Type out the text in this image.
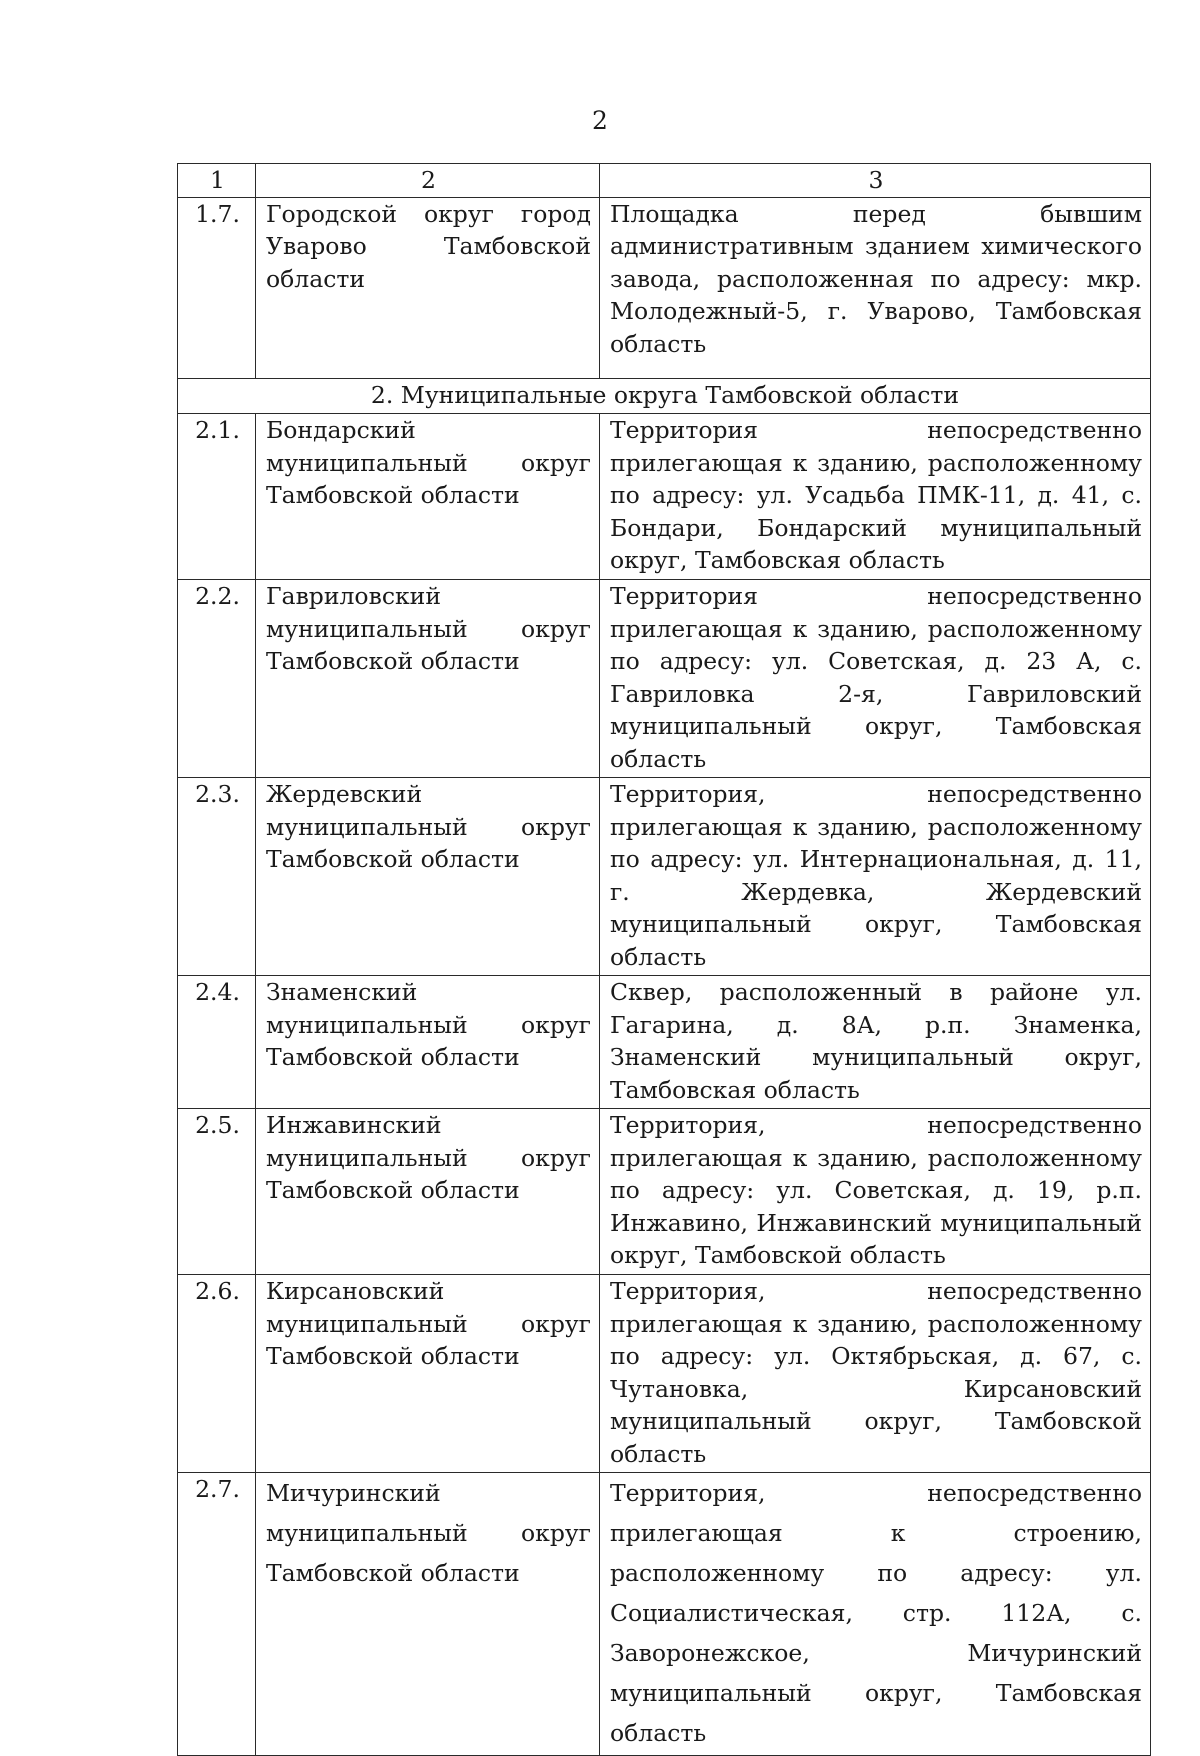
2
1	2	3
1.7.	Городской округ город Уварово Тамбовской области	Площадка перед бывшим административным зданием химического завода, расположенная по адресу: мкр. Молодежный-5, г. Уварово, Тамбовская область
2. Муниципальные округа Тамбовской области		
2.1.	Бондарский муниципальный округ Тамбовской области	Территория непосредственно прилегающая к зданию, расположенному по адресу: ул. Усадьба ПМК-11, д. 41, с. Бондари, Бондарский муниципальный округ, Тамбовская область
2.2.	Гавриловский муниципальный округ Тамбовской области	Территория непосредственно прилегающая к зданию, расположенному по адресу: ул. Советская, д. 23 А, с. Гавриловка 2-я, Гавриловский муниципальный округ, Тамбовская область
2.3.	Жердевский муниципальный округ Тамбовской области	Территория, непосредственно прилегающая к зданию, расположенному по адресу: ул. Интернациональная, д. 11, г. Жердевка, Жердевский муниципальный округ, Тамбовская область
2.4.	Знаменский муниципальный округ Тамбовской области	Сквер, расположенный в районе ул. Гагарина, д. 8А, р.п. Знаменка, Знаменский муниципальный округ, Тамбовская область
2.5.	Инжавинский муниципальный округ Тамбовской области	Территория, непосредственно прилегающая к зданию, расположенному по адресу: ул. Советская, д. 19, р.п. Инжавино, Инжавинский муниципальный округ, Тамбовской область
2.6.	Кирсановский муниципальный округ Тамбовской области	Территория, непосредственно прилегающая к зданию, расположенному по адресу: ул. Октябрьская, д. 67, с. Чутановка, Кирсановский муниципальный округ, Тамбовской область
2.7.	Мичуринский муниципальный округ Тамбовской области	Территория, непосредственно прилегающая к строению, расположенному по адресу: ул. Социалистическая, стр. 112А, с. Заворонежское, Мичуринский муниципальный округ, Тамбовская область
